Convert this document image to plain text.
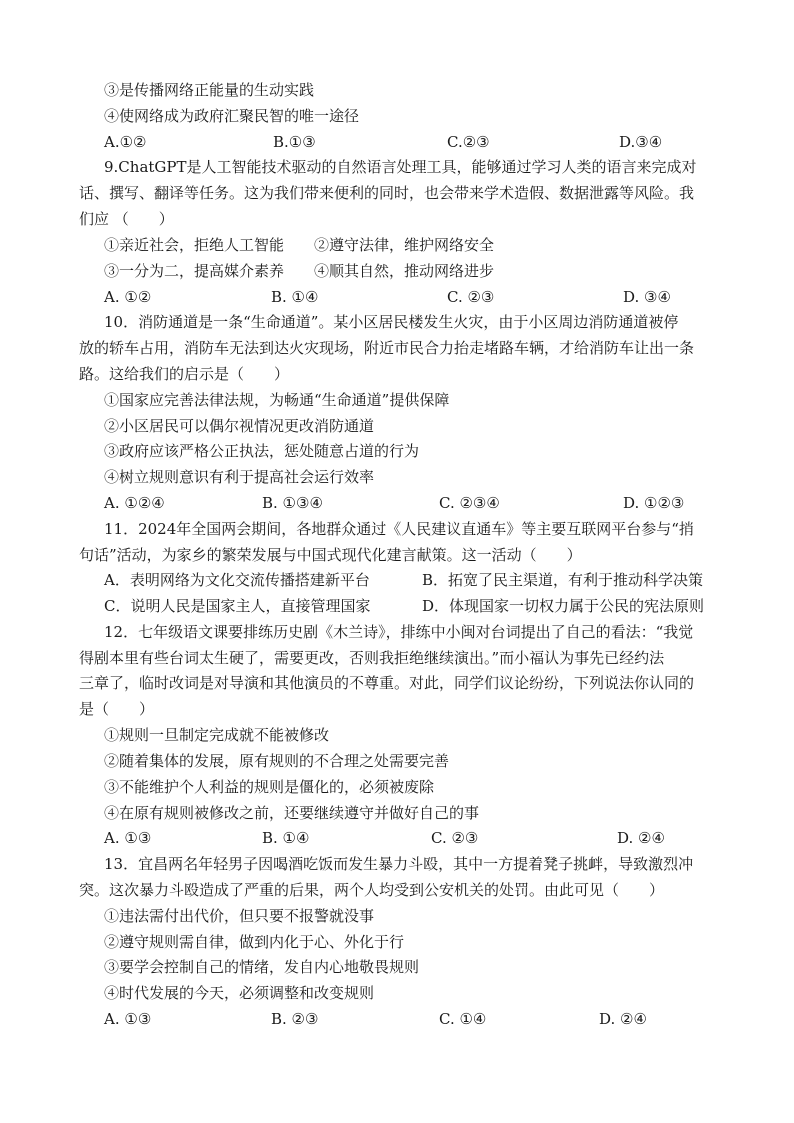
③是传播网络正能量的生动实践
④使网络成为政府汇聚民智的唯一途径
A.①②	B.①③	C.②③	D.③④
9.ChatGPT是人工智能技术驱动的自然语言处理工具，能够通过学习人类的语言来完成对
话、撰写、翻译等任务。这为我们带来便利的同时，也会带来学术造假、数据泄露等风险。我
们应 （　　）
①亲近社会，拒绝人工智能　　②遵守法律，维护网络安全
③一分为二，提高媒介素养　　④顺其自然，推动网络进步
A. ①②	B. ①④	C. ②③	D. ③④
10．消防通道是一条“生命通道”。某小区居民楼发生火灾，由于小区周边消防通道被停
放的轿车占用，消防车无法到达火灾现场，附近市民合力抬走堵路车辆，才给消防车让出一条
路。这给我们的启示是（　　）
①国家应完善法律法规，为畅通“生命通道”提供保障
②小区居民可以偶尔视情况更改消防通道
③政府应该严格公正执法，惩处随意占道的行为
④树立规则意识有利于提高社会运行效率
A. ①②④	B. ①③④	C. ②③④	D. ①②③
11．2024年全国两会期间，各地群众通过《人民建议直通车》等主要互联网平台参与“捎
句话”活动，为家乡的繁荣发展与中国式现代化建言献策。这一活动（　　）
A．表明网络为文化交流传播搭建新平台	B．拓宽了民主渠道，有利于推动科学决策
C．说明人民是国家主人，直接管理国家	D．体现国家一切权力属于公民的宪法原则
12．七年级语文课要排练历史剧《木兰诗》，排练中小闽对台词提出了自己的看法：“我觉
得剧本里有些台词太生硬了，需要更改，否则我拒绝继续演出。”而小福认为事先已经约法
三章了，临时改词是对导演和其他演员的不尊重。对此，同学们议论纷纷，下列说法你认同的
是（　　）
①规则一旦制定完成就不能被修改
②随着集体的发展，原有规则的不合理之处需要完善
③不能维护个人利益的规则是僵化的，必须被废除
④在原有规则被修改之前，还要继续遵守并做好自己的事
A. ①③	B. ①④	C. ②③	D. ②④
13．宜昌两名年轻男子因喝酒吃饭而发生暴力斗殴，其中一方提着凳子挑衅，导致激烈冲
突。这次暴力斗殴造成了严重的后果，两个人均受到公安机关的处罚。由此可见（　　）
①违法需付出代价，但只要不报警就没事
②遵守规则需自律，做到内化于心、外化于行
③要学会控制自己的情绪，发自内心地敬畏规则
④时代发展的今天，必须调整和改变规则
A. ①③	B. ②③	C. ①④	D. ②④
